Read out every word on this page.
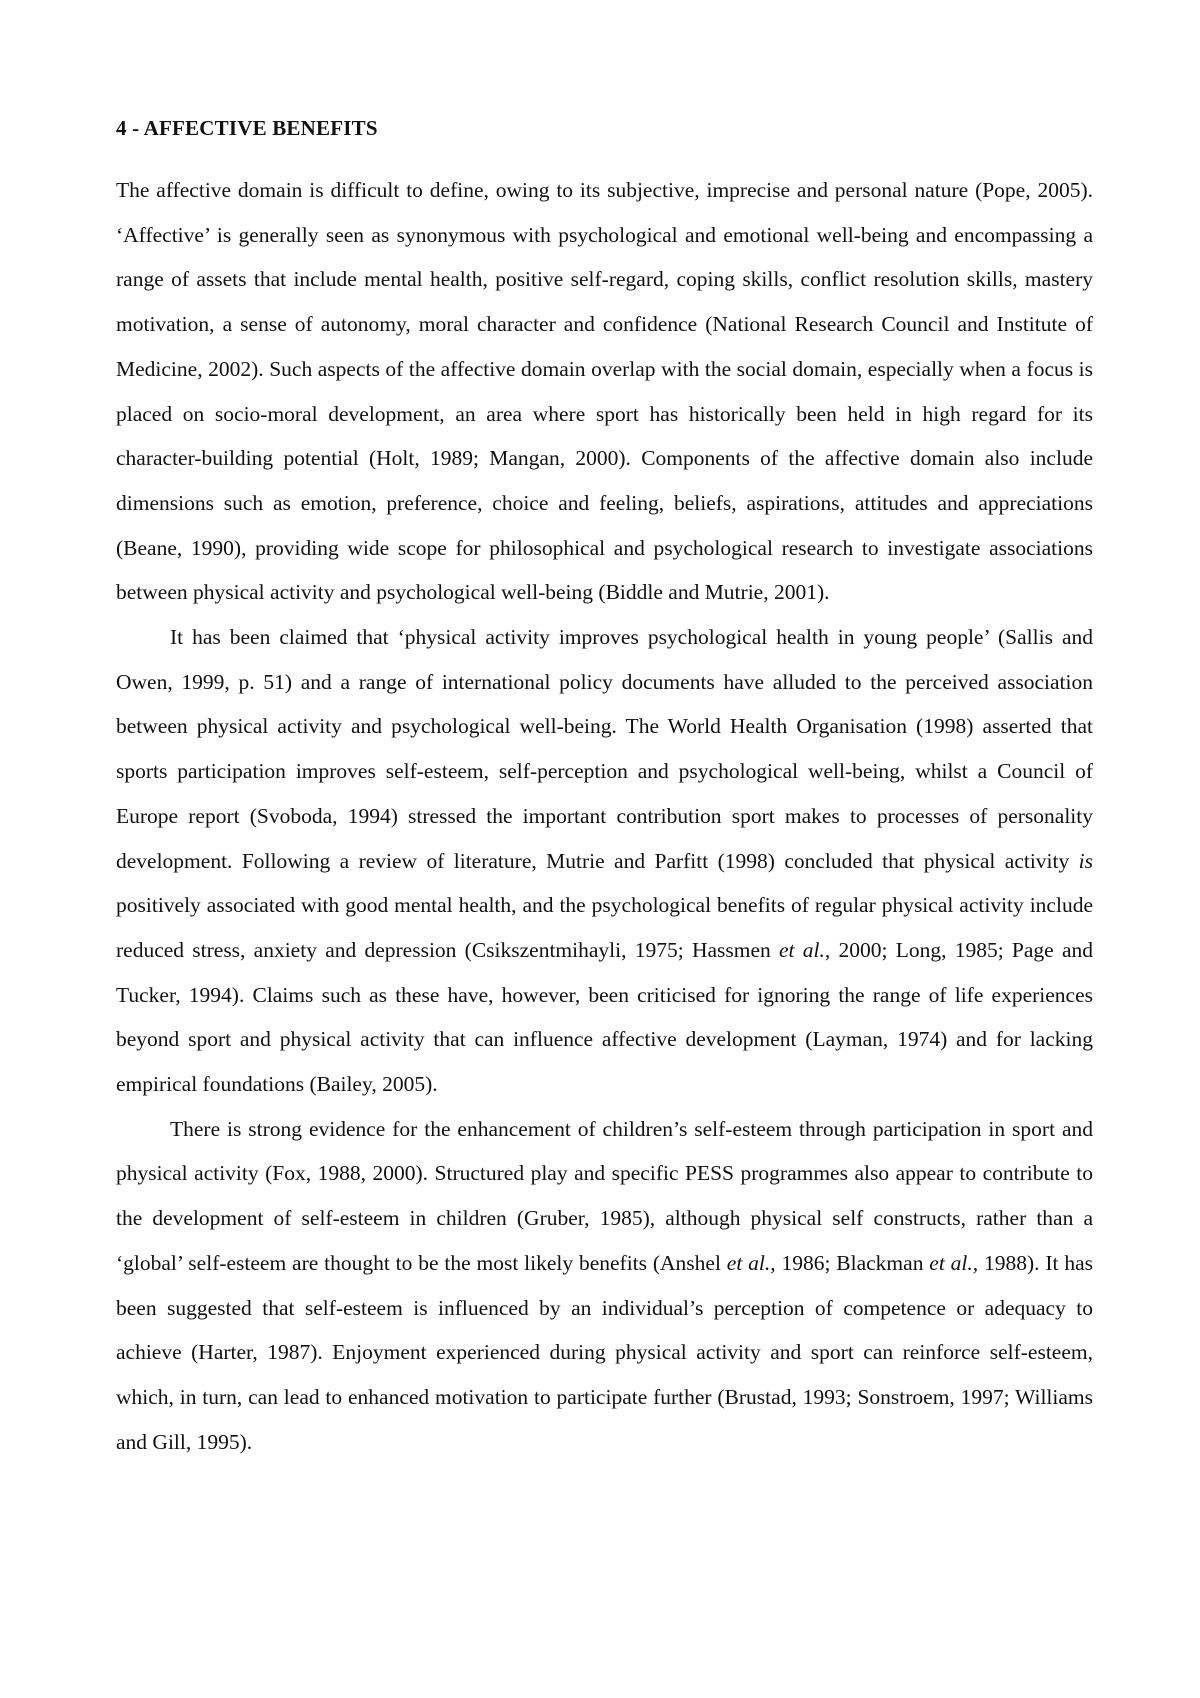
4 - AFFECTIVE BENEFITS

The affective domain is difficult to define, owing to its subjective, imprecise and personal nature (Pope, 2005). ‘Affective’ is generally seen as synonymous with psychological and emotional well-being and encompassing a range of assets that include mental health, positive self-regard, coping skills, conflict resolution skills, mastery motivation, a sense of autonomy, moral character and confidence (National Research Council and Institute of Medicine, 2002). Such aspects of the affective domain overlap with the social domain, especially when a focus is placed on socio-moral development, an area where sport has historically been held in high regard for its character-building potential (Holt, 1989; Mangan, 2000). Components of the affective domain also include dimensions such as emotion, preference, choice and feeling, beliefs, aspirations, attitudes and appreciations (Beane, 1990), providing wide scope for philosophical and psychological research to investigate associations between physical activity and psychological well-being (Biddle and Mutrie, 2001).

It has been claimed that ‘physical activity improves psychological health in young people’ (Sallis and Owen, 1999, p. 51) and a range of international policy documents have alluded to the perceived association between physical activity and psychological well-being. The World Health Organisation (1998) asserted that sports participation improves self-esteem, self-perception and psychological well-being, whilst a Council of Europe report (Svoboda, 1994) stressed the important contribution sport makes to processes of personality development. Following a review of literature, Mutrie and Parfitt (1998) concluded that physical activity is positively associated with good mental health, and the psychological benefits of regular physical activity include reduced stress, anxiety and depression (Csikszentmihayli, 1975; Hassmen et al., 2000; Long, 1985; Page and Tucker, 1994). Claims such as these have, however, been criticised for ignoring the range of life experiences beyond sport and physical activity that can influence affective development (Layman, 1974) and for lacking empirical foundations (Bailey, 2005).

There is strong evidence for the enhancement of children’s self-esteem through participation in sport and physical activity (Fox, 1988, 2000). Structured play and specific PESS programmes also appear to contribute to the development of self-esteem in children (Gruber, 1985), although physical self constructs, rather than a ‘global’ self-esteem are thought to be the most likely benefits (Anshel et al., 1986; Blackman et al., 1988). It has been suggested that self-esteem is influenced by an individual’s perception of competence or adequacy to achieve (Harter, 1987). Enjoyment experienced during physical activity and sport can reinforce self-esteem, which, in turn, can lead to enhanced motivation to participate further (Brustad, 1993; Sonstroem, 1997; Williams and Gill, 1995).
